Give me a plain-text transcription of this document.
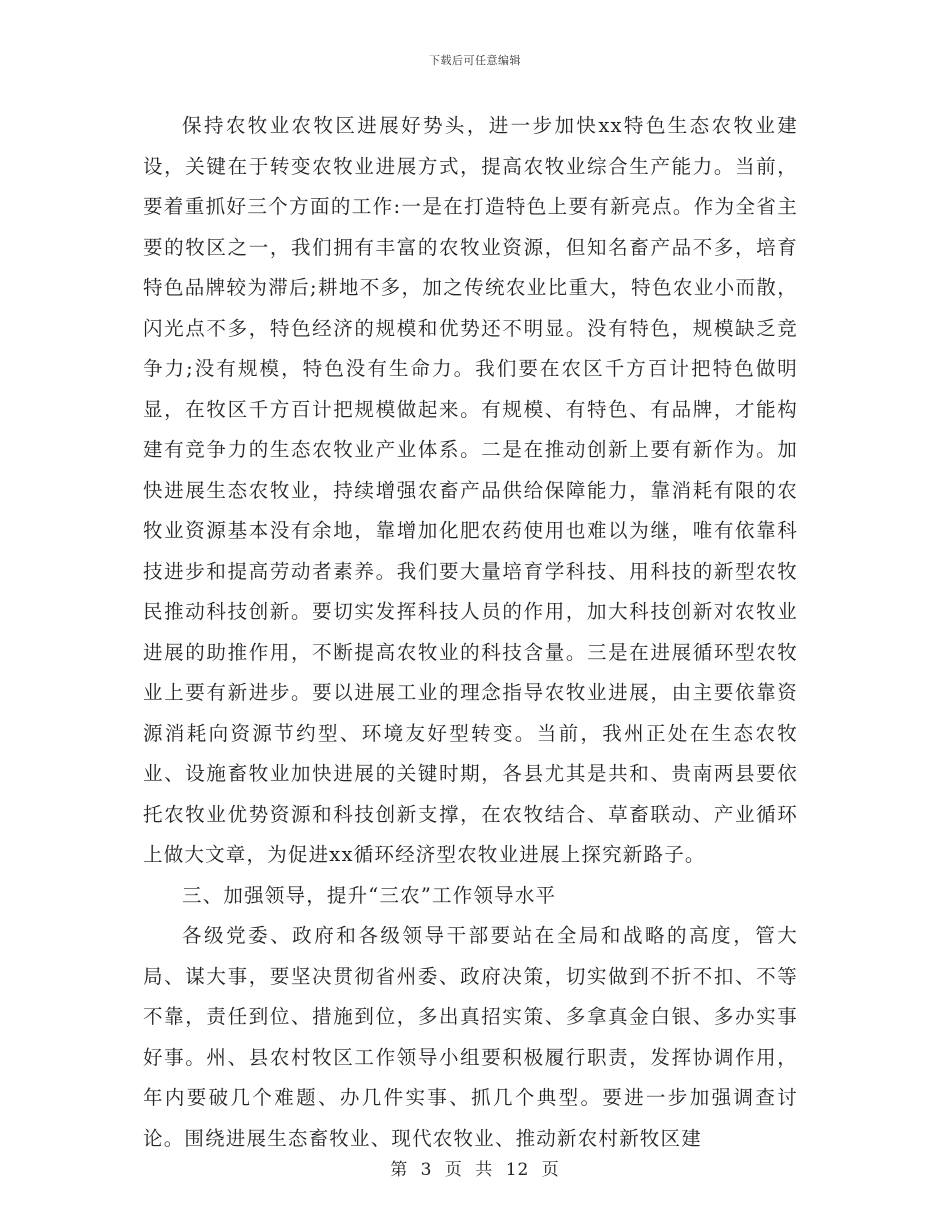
下载后可任意编辑

保持农牧业农牧区进展好势头，进一步加快xx特色生态农牧业建设，关键在于转变农牧业进展方式，提高农牧业综合生产能力。当前，要着重抓好三个方面的工作:一是在打造特色上要有新亮点。作为全省主要的牧区之一，我们拥有丰富的农牧业资源，但知名畜产品不多，培育特色品牌较为滞后;耕地不多，加之传统农业比重大，特色农业小而散，闪光点不多，特色经济的规模和优势还不明显。没有特色，规模缺乏竞争力;没有规模，特色没有生命力。我们要在农区千方百计把特色做明显，在牧区千方百计把规模做起来。有规模、有特色、有品牌，才能构建有竞争力的生态农牧业产业体系。二是在推动创新上要有新作为。加快进展生态农牧业，持续增强农畜产品供给保障能力，靠消耗有限的农牧业资源基本没有余地，靠增加化肥农药使用也难以为继，唯有依靠科技进步和提高劳动者素养。我们要大量培育学科技、用科技的新型农牧民推动科技创新。要切实发挥科技人员的作用，加大科技创新对农牧业进展的助推作用，不断提高农牧业的科技含量。三是在进展循环型农牧业上要有新进步。要以进展工业的理念指导农牧业进展，由主要依靠资源消耗向资源节约型、环境友好型转变。当前，我州正处在生态农牧业、设施畜牧业加快进展的关键时期，各县尤其是共和、贵南两县要依托农牧业优势资源和科技创新支撑，在农牧结合、草畜联动、产业循环上做大文章，为促进xx循环经济型农牧业进展上探究新路子。

三、加强领导，提升“三农”工作领导水平

各级党委、政府和各级领导干部要站在全局和战略的高度，管大局、谋大事，要坚决贯彻省州委、政府决策，切实做到不折不扣、不等不靠，责任到位、措施到位，多出真招实策、多拿真金白银、多办实事好事。州、县农村牧区工作领导小组要积极履行职责，发挥协调作用，年内要破几个难题、办几件实事、抓几个典型。要进一步加强调查讨论。围绕进展生态畜牧业、现代农牧业、推动新农村新牧区建

第 3 页 共 12 页
